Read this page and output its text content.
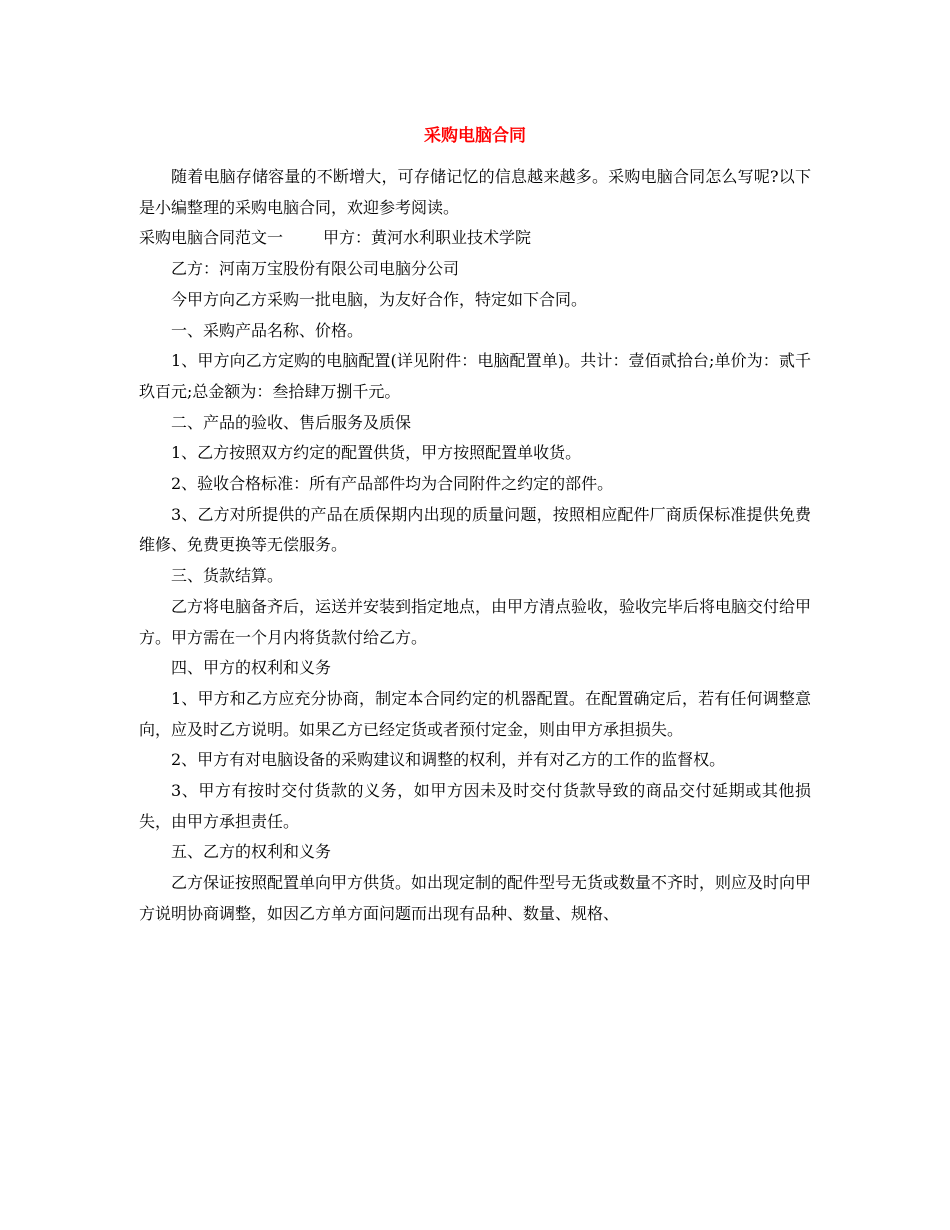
采购电脑合同

随着电脑存储容量的不断增大，可存储记忆的信息越来越多。采购电脑合同怎么写呢?以下是小编整理的采购电脑合同，欢迎参考阅读。

采购电脑合同范文一	甲方：黄河水利职业技术学院

乙方：河南万宝股份有限公司电脑分公司

今甲方向乙方采购一批电脑，为友好合作，特定如下合同。

一、采购产品名称、价格。

1、甲方向乙方定购的电脑配置(详见附件：电脑配置单)。共计：壹佰贰拾台;单价为：贰千玖百元;总金额为：叁拾肆万捌千元。

二、产品的验收、售后服务及质保

1、乙方按照双方约定的配置供货，甲方按照配置单收货。

2、验收合格标准：所有产品部件均为合同附件之约定的部件。

3、乙方对所提供的产品在质保期内出现的质量问题，按照相应配件厂商质保标准提供免费维修、免费更换等无偿服务。

三、货款结算。

乙方将电脑备齐后，运送并安装到指定地点，由甲方清点验收，验收完毕后将电脑交付给甲方。甲方需在一个月内将货款付给乙方。

四、甲方的权利和义务

1、甲方和乙方应充分协商，制定本合同约定的机器配置。在配置确定后，若有任何调整意向，应及时乙方说明。如果乙方已经定货或者预付定金，则由甲方承担损失。

2、甲方有对电脑设备的采购建议和调整的权利，并有对乙方的工作的监督权。

3、甲方有按时交付货款的义务，如甲方因未及时交付货款导致的商品交付延期或其他损失，由甲方承担责任。

五、乙方的权利和义务

乙方保证按照配置单向甲方供货。如出现定制的配件型号无货或数量不齐时，则应及时向甲方说明协商调整，如因乙方单方面问题而出现有品种、数量、规格、
